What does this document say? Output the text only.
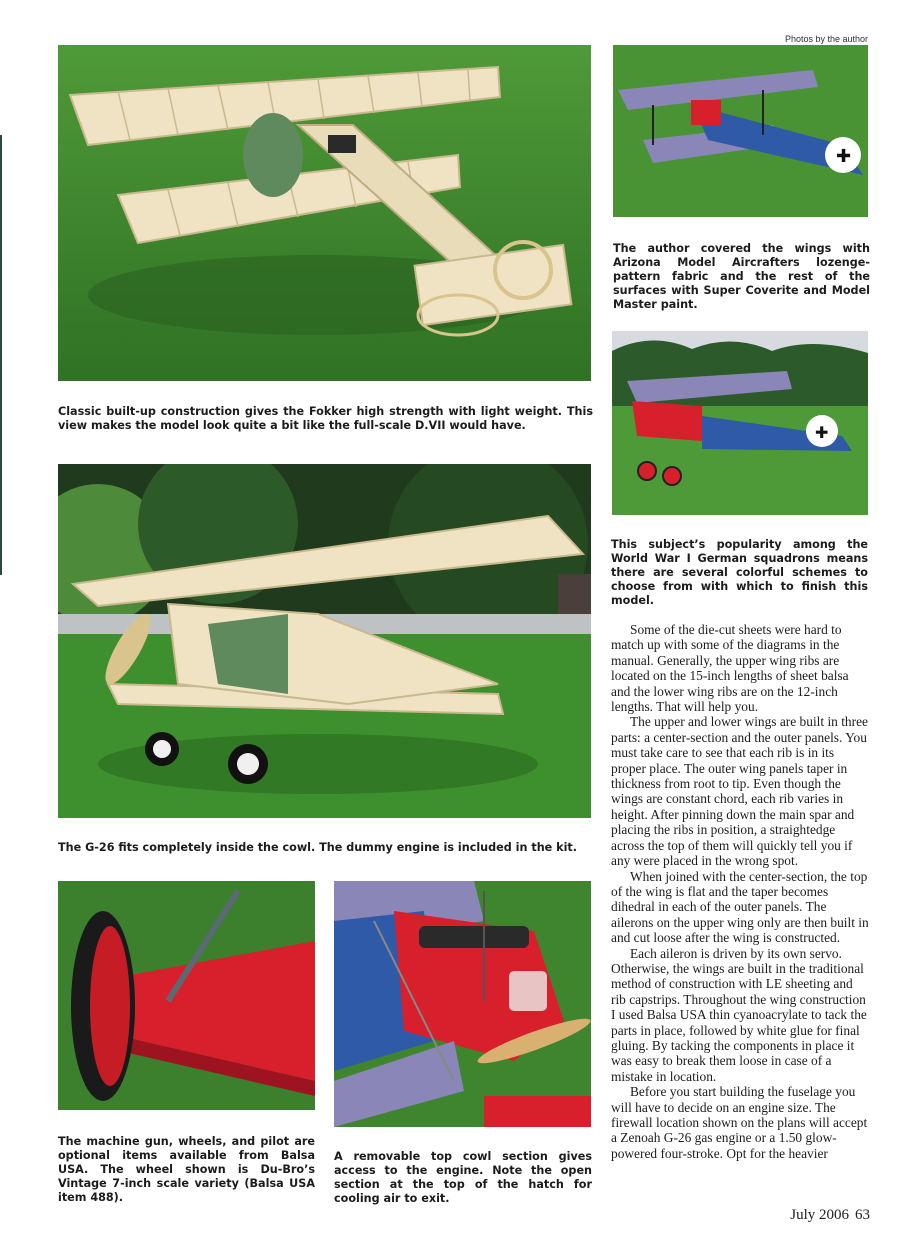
Photos by the author
Classic built-up construction gives the Fokker high strength with light weight. This view makes the model look quite a bit like the full-scale D.VII would have.
✚
The author covered the wings with Arizona Model Aircrafters lozenge-pattern fabric and the rest of the surfaces with Super Coverite and Model Master paint.
✚
This subject’s popularity among the World War I German squadrons means there are several colorful schemes to choose from with which to finish this model.
The G-26 fits completely inside the cowl. The dummy engine is included in the kit.
The machine gun, wheels, and pilot are optional items available from Balsa USA. The wheel shown is Du-Bro’s Vintage 7-inch scale variety (Balsa USA item 488).
A removable top cowl section gives access to the engine. Note the open section at the top of the hatch for cooling air to exit.

Some of the die-cut sheets were hard to match up with some of the diagrams in the manual. Generally, the upper wing ribs are located on the 15-inch lengths of sheet balsa and the lower wing ribs are on the 12-inch lengths. That will help you.

The upper and lower wings are built in three parts: a center-section and the outer panels. You must take care to see that each rib is in its proper place. The outer wing panels taper in thickness from root to tip. Even though the wings are constant chord, each rib varies in height. After pinning down the main spar and placing the ribs in position, a straightedge across the top of them will quickly tell you if any were placed in the wrong spot.

When joined with the center-section, the top of the wing is flat and the taper becomes dihedral in each of the outer panels. The ailerons on the upper wing only are then built in and cut loose after the wing is constructed.

Each aileron is driven by its own servo. Otherwise, the wings are built in the traditional method of construction with LE sheeting and rib capstrips. Throughout the wing construction I used Balsa USA thin cyanoacrylate to tack the parts in place, followed by white glue for final gluing. By tacking the components in place it was easy to break them loose in case of a mistake in location.

Before you start building the fuselage you will have to decide on an engine size. The firewall location shown on the plans will accept a Zenoah G-26 gas engine or a 1.50 glow-powered four-stroke. Opt for the heavier

July 2006 63
